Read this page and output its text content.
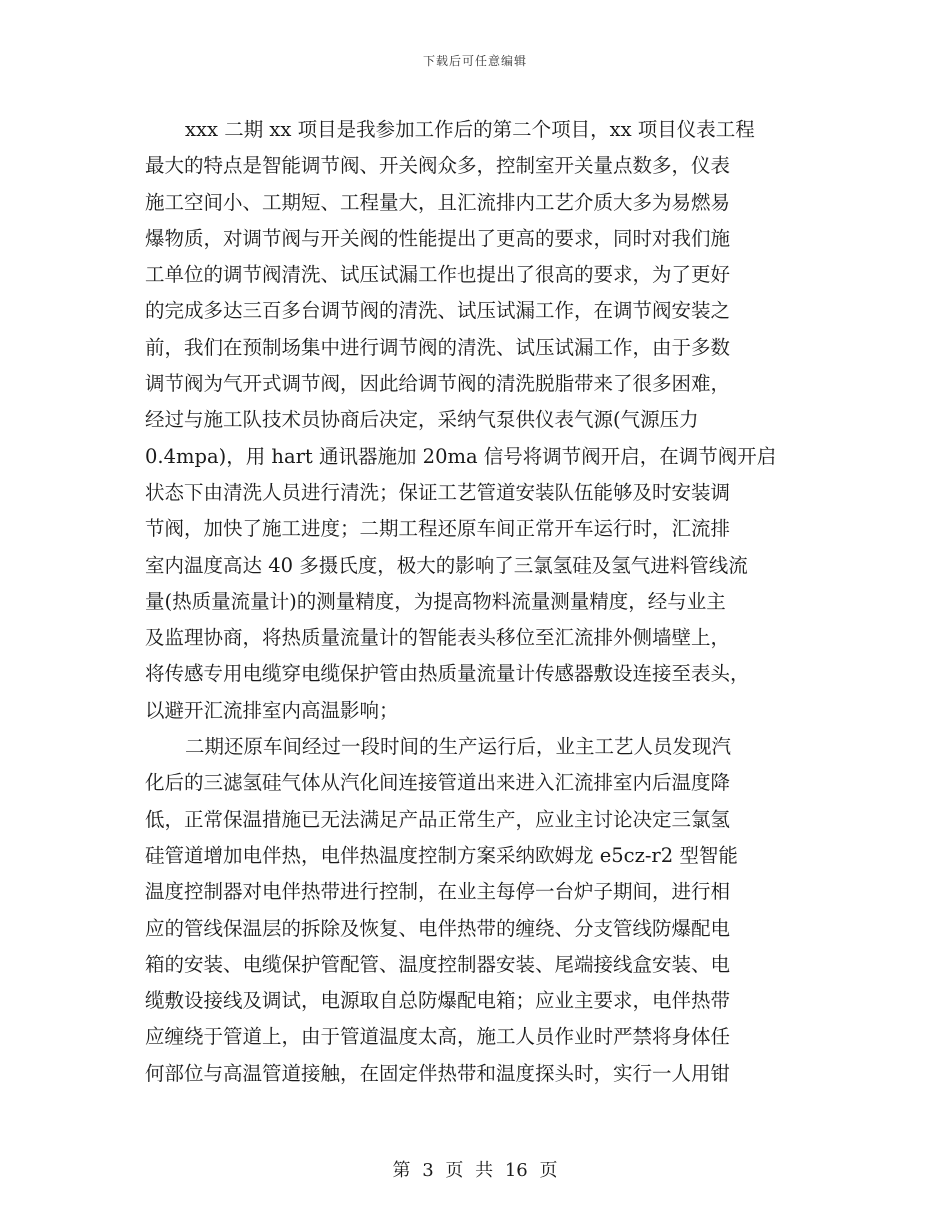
下载后可任意编辑
xxx 二期 xx 项目是我参加工作后的第二个项目，xx 项目仪表工程
最大的特点是智能调节阀、开关阀众多，控制室开关量点数多，仪表
施工空间小、工期短、工程量大，且汇流排内工艺介质大多为易燃易
爆物质，对调节阀与开关阀的性能提出了更高的要求，同时对我们施
工单位的调节阀清洗、试压试漏工作也提出了很高的要求，为了更好
的完成多达三百多台调节阀的清洗、试压试漏工作，在调节阀安装之
前，我们在预制场集中进行调节阀的清洗、试压试漏工作，由于多数
调节阀为气开式调节阀，因此给调节阀的清洗脱脂带来了很多困难，
经过与施工队技术员协商后决定，采纳气泵供仪表气源(气源压力
0.4mpa)，用 hart 通讯器施加 20ma 信号将调节阀开启，在调节阀开启
状态下由清洗人员进行清洗；保证工艺管道安装队伍能够及时安装调
节阀，加快了施工进度；二期工程还原车间正常开车运行时，汇流排
室内温度高达 40 多摄氏度，极大的影响了三氯氢硅及氢气进料管线流
量(热质量流量计)的测量精度，为提高物料流量测量精度，经与业主
及监理协商，将热质量流量计的智能表头移位至汇流排外侧墙壁上，
将传感专用电缆穿电缆保护管由热质量流量计传感器敷设连接至表头，
以避开汇流排室内高温影响；
二期还原车间经过一段时间的生产运行后，业主工艺人员发现汽
化后的三滤氢硅气体从汽化间连接管道出来进入汇流排室内后温度降
低，正常保温措施已无法满足产品正常生产，应业主讨论决定三氯氢
硅管道增加电伴热，电伴热温度控制方案采纳欧姆龙 e5cz-r2 型智能
温度控制器对电伴热带进行控制，在业主每停一台炉子期间，进行相
应的管线保温层的拆除及恢复、电伴热带的缠绕、分支管线防爆配电
箱的安装、电缆保护管配管、温度控制器安装、尾端接线盒安装、电
缆敷设接线及调试，电源取自总防爆配电箱；应业主要求，电伴热带
应缠绕于管道上，由于管道温度太高，施工人员作业时严禁将身体任
何部位与高温管道接触，在固定伴热带和温度探头时，实行一人用钳
第 3 页 共 16 页
